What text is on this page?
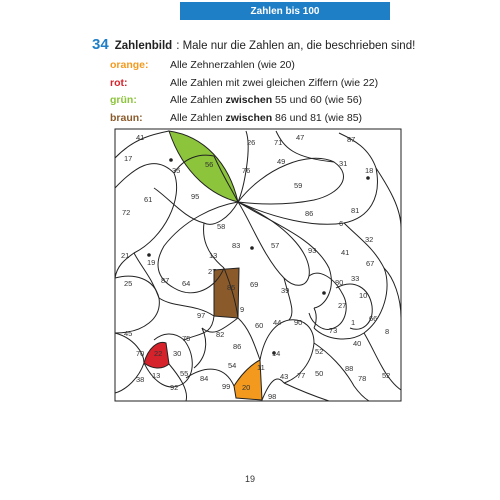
Zahlen bis 100
34 Zahlenbild : Male nur die Zahlen an, die beschrieben sind!
orange:	Alle Zehnerzahlen (wie 20)
rot:	Alle Zahlen mit zwei gleichen Ziffern (wie 22)
grün:	Alle Zahlen zwischen 55 und 60 (wie 56)
braun:	Alle Zahlen zwischen 86 und 81 (wie 85)
41
17
35
56
26 71
47	87
61
76
49	31
18
59
95
86
72	81
58
13
83	57
6
32
21
19
93	41
67
25	87 64
27
85 69
39
80 33
97
9	27
10
45	82
44 90
73
1 66
8
75
60
70 22 30
86
14	52
40
54	11
38 13	55
84
99 20
43 77 50
88
78 52
92
98
19
